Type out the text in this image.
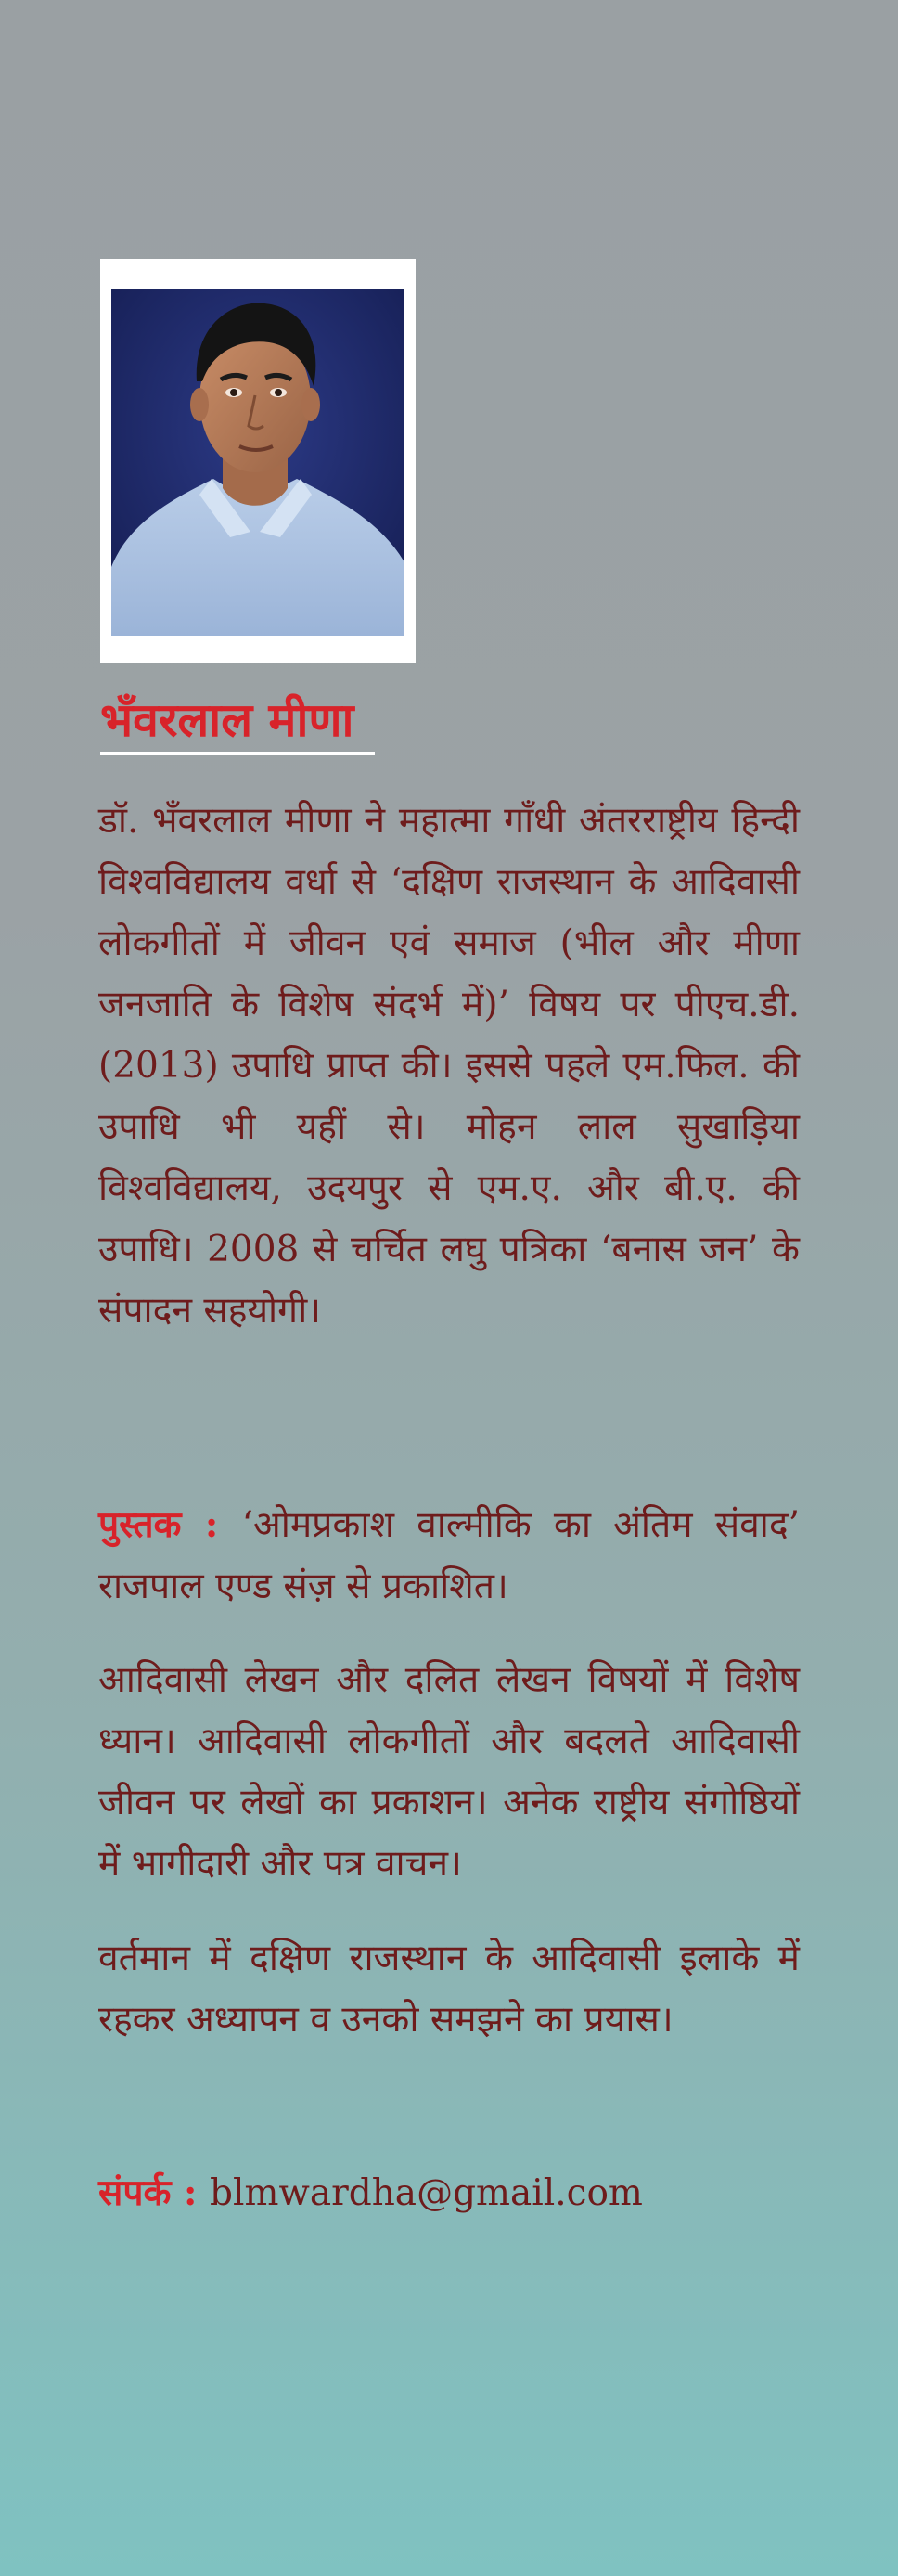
भँवरलाल मीणा

डॉ. भँवरलाल मीणा ने महात्मा गाँधी अंतरराष्ट्रीय हिन्दी विश्वविद्यालय वर्धा से ‘दक्षिण राजस्थान के आदिवासी लोकगीतों में जीवन एवं समाज (भील और मीणा जनजाति के विशेष संदर्भ में)’ विषय पर पीएच.डी. (2013) उपाधि प्राप्त की। इससे पहले एम.फिल. की उपाधि भी यहीं से। मोहन लाल सुखाड़िया विश्वविद्यालय, उदयपुर से एम.ए. और बी.ए. की उपाधि। 2008 से चर्चित लघु पत्रिका ‘बनास जन’ के संपादन सहयोगी।

पुस्तक : ‘ओमप्रकाश वाल्मीकि का अंतिम संवाद’ राजपाल एण्ड संज़ से प्रकाशित।

आदिवासी लेखन और दलित लेखन विषयों में विशेष ध्यान। आदिवासी लोकगीतों और बदलते आदिवासी जीवन पर लेखों का प्रकाशन। अनेक राष्ट्रीय संगोष्ठियों में भागीदारी और पत्र वाचन।

वर्तमान में दक्षिण राजस्थान के आदिवासी इलाके में रहकर अध्यापन व उनको समझने का प्रयास।

संपर्क : blmwardha@gmail.com
